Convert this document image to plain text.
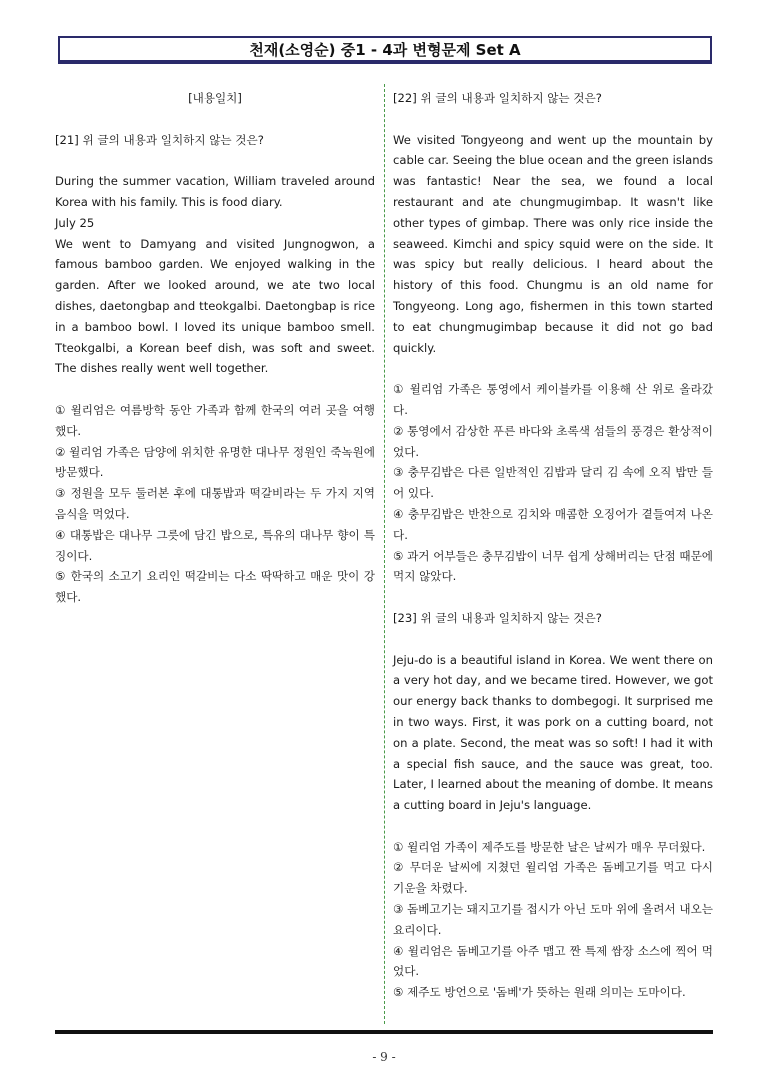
천재(소영순) 중1 - 4과 변형문제 Set A

[내용일치]

[21] 위 글의 내용과 일치하지 않는 것은?

During the summer vacation, William traveled around Korea with his family. This is food diary.

July 25

We went to Damyang and visited Jungnogwon, a famous bamboo garden. We enjoyed walking in the garden. After we looked around, we ate two local dishes, daetongbap and tteokgalbi. Daetongbap is rice in a bamboo bowl. I loved its unique bamboo smell. Tteokgalbi, a Korean beef dish, was soft and sweet. The dishes really went well together.

① 윌리엄은 여름방학 동안 가족과 함께 한국의 여러 곳을 여행했다.

② 윌리엄 가족은 담양에 위치한 유명한 대나무 정원인 죽녹원에 방문했다.

③ 정원을 모두 둘러본 후에 대통밥과 떡갈비라는 두 가지 지역 음식을 먹었다.

④ 대통밥은 대나무 그릇에 담긴 밥으로, 특유의 대나무 향이 특징이다.

⑤ 한국의 소고기 요리인 떡갈비는 다소 딱딱하고 매운 맛이 강했다.

[22] 위 글의 내용과 일치하지 않는 것은?

We visited Tongyeong and went up the mountain by cable car. Seeing the blue ocean and the green islands was fantastic! Near the sea, we found a local restaurant and ate chungmugimbap. It wasn't like other types of gimbap. There was only rice inside the seaweed. Kimchi and spicy squid were on the side. It was spicy but really delicious. I heard about the history of this food. Chungmu is an old name for Tongyeong. Long ago, fishermen in this town started to eat chungmugimbap because it did not go bad quickly.

① 윌리엄 가족은 통영에서 케이블카를 이용해 산 위로 올라갔다.

② 통영에서 감상한 푸른 바다와 초록색 섬들의 풍경은 환상적이었다.

③ 충무김밥은 다른 일반적인 김밥과 달리 김 속에 오직 밥만 들어 있다.

④ 충무김밥은 반찬으로 김치와 매콤한 오징어가 곁들여져 나온다.

⑤ 과거 어부들은 충무김밥이 너무 쉽게 상해버리는 단점 때문에 먹지 않았다.

[23] 위 글의 내용과 일치하지 않는 것은?

Jeju-do is a beautiful island in Korea. We went there on a very hot day, and we became tired. However, we got our energy back thanks to dombegogi. It surprised me in two ways. First, it was pork on a cutting board, not on a plate. Second, the meat was so soft! I had it with a special fish sauce, and the sauce was great, too. Later, I learned about the meaning of dombe. It means a cutting board in Jeju's language.

① 윌리엄 가족이 제주도를 방문한 날은 날씨가 매우 무더웠다.

② 무더운 날씨에 지쳤던 윌리엄 가족은 돔베고기를 먹고 다시 기운을 차렸다.

③ 돔베고기는 돼지고기를 접시가 아닌 도마 위에 올려서 내오는 요리이다.

④ 윌리엄은 돔베고기를 아주 맵고 짠 특제 쌈장 소스에 찍어 먹었다.

⑤ 제주도 방언으로 '돔베'가 뜻하는 원래 의미는 도마이다.

- 9 -
